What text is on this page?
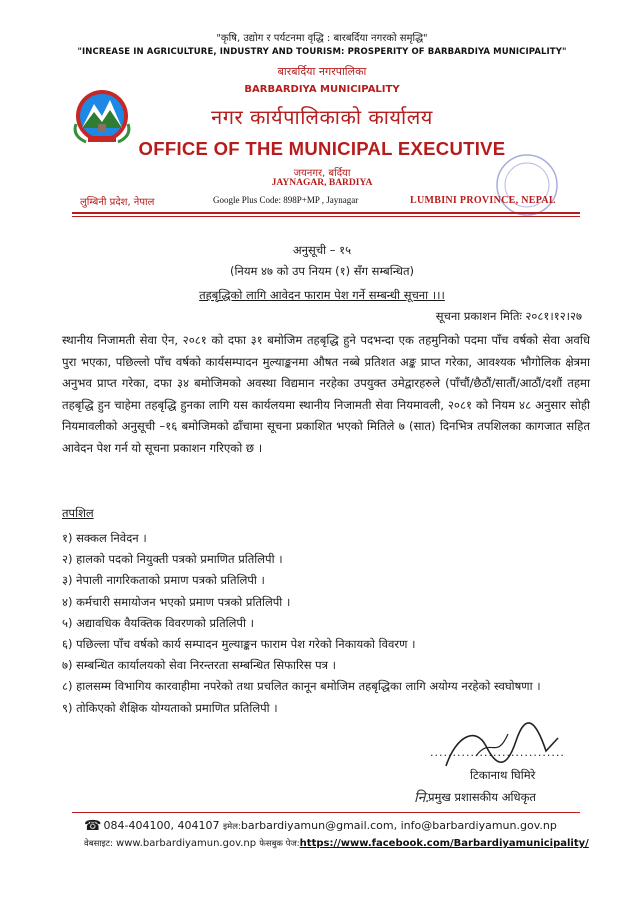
"कृषि, उद्योग र पर्यटनमा वृद्धि : बारबर्दिया नगरको समृद्धि"
"INCREASE IN AGRICULTURE, INDUSTRY AND TOURISM: PROSPERITY OF BARBARDIYA MUNICIPALITY"
बारबर्दिया नगरपालिका
BARBARDIYA MUNICIPALITY
नगर कार्यपालिकाको कार्यालय
OFFICE OF THE MUNICIPAL EXECUTIVE
जयनगर, बर्दिया
JAYNAGAR, BARDIYA
लुम्बिनी प्रदेश, नेपाल	Google Plus Code: 898P+MP , Jaynagar	LUMBINI PROVINCE, NEPAL
अनुसूची – १५
(नियम ४७ को उप नियम (१) सँग सम्बन्धित)
तहबृद्धिको लागि आवेदन फाराम पेश गर्ने सम्बन्धी सूचना ।।।
सूचना प्रकाशन मितिः २०८१।१२।२७
स्थानीय निजामती सेवा ऐन, २०८१ को दफा ३१ बमोजिम तहबृद्धि हुने पदभन्दा एक तहमुनिको पदमा पाँच वर्षको सेवा अवधि पुरा भएका, पछिल्लो पाँच वर्षको कार्यसम्पादन मुल्याङ्कनमा औषत नब्बे प्रतिशत अङ्क प्राप्त गरेका, आवश्यक भौगोलिक क्षेत्रमा अनुभव प्राप्त गरेका, दफा ३४ बमोजिमको अवस्था विद्यमान नरहेका उपयुक्त उमेद्वारहरुले (पाँचौं/छैठौं/सातौं/आठौं/दशौं तहमा तहबृद्धि हुन चाहेमा तहबृद्धि हुनका लागि यस कार्यलयमा स्थानीय निजामती सेवा नियमावली, २०८१ को नियम ४८ अनुसार सोही नियमावलीको अनुसूची –१६ बमोजिमको ढाँचामा सूचना प्रकाशित भएको मितिले ७ (सात) दिनभित्र तपशिलका कागजात सहित आवेदन पेश गर्न यो सूचना प्रकाशन गरिएको छ ।
तपशिल
१) सक्कल निवेदन ।
२) हालको पदको नियुक्ती पत्रको प्रमाणित प्रतिलिपी ।
३) नेपाली नागरिकताको प्रमाण पत्रको प्रतिलिपी ।
४) कर्मचारी समायोजन भएको प्रमाण पत्रको प्रतिलिपी ।
५) अद्यावधिक वैयक्तिक विवरणको प्रतिलिपी ।
६) पछिल्ला पाँच वर्षको कार्य सम्पादन मुल्याङ्कन फाराम पेश गरेको निकायको विवरण ।
७) सम्बन्धित कार्यालयको सेवा निरन्तरता सम्बन्धित सिफारिस पत्र ।
८) हालसम्म विभागिय कारवाहीमा नपरेको तथा प्रचलित कानून बमोजिम तहबृद्धिका लागि अयोग्य नरहेको स्वघोषणा ।
९) तोकिएको शैक्षिक योग्यताको प्रमाणित प्रतिलिपी ।
..............................
टिकानाथ घिमिरे
नि.
प्रमुख प्रशासकीय अधिकृत
☎ 084-404100, 404107 इमेल:barbardiyamun@gmail.com, info@barbardiyamun.gov.np
वेबसाइट: www.barbardiyamun.gov.np फेसबुक पेज:https://www.facebook.com/Barbardiyamunicipality/
